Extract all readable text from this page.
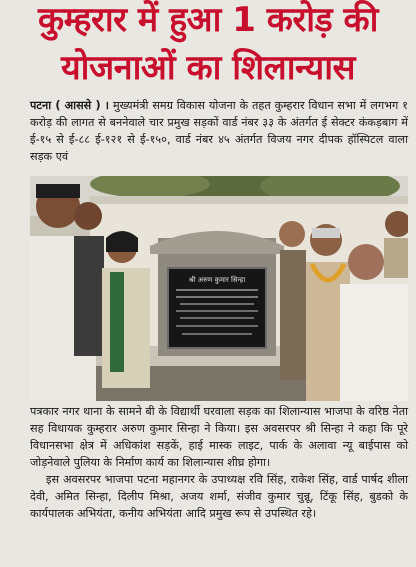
कुम्हरार में हुआ 1 करोड़ की
योजनाओं का शिलान्यास

पटना ( आससे ) । मुख्यमंत्री समग्र विकास योजना के तहत कुम्हरार विधान सभा में लगभग १ करोड़ की लागत से बननेवाले चार प्रमुख सड़कों वार्ड नंबर ३३ के अंतर्गत ई सेक्टर कंकड़बाग में ई-१५ से ई-८८ ई-१२१ से ई-१५०, वार्ड नंबर ४५ अंतर्गत विजय नगर दीपक हॉस्पिटल वाला सड़क एवं

श्री अरुण कुमार सिन्हा

पत्रकार नगर थाना के सामने बी के विद्यार्थी घरवाला सड़क का शिलान्यास भाजपा के वरिष्ठ नेता सह विधायक कुम्हरार अरुण कुमार सिन्हा ने किया। इस अवसरपर श्री सिन्हा ने कहा कि पूरे विधानसभा क्षेत्र में अधिकांश सड़कें, हाई मास्क लाइट, पार्क के अलावा न्यू बाईपास को जोड़नेवाले पुलिया के निर्माण कार्य का शिलान्यास शीघ्र होगा।

इस अवसरपर भाजपा पटना महानगर के उपाध्यक्ष रवि सिंह, राकेश सिंह, वार्ड पार्षद शीला देवी, अमित सिन्हा, दिलीप मिश्रा, अजय शर्मा, संजीव कुमार चुन्नू, टिंकू सिंह, बुडको के कार्यपालक अभियंता, कनीय अभियंता आदि प्रमुख रूप से उपस्थित रहे।
